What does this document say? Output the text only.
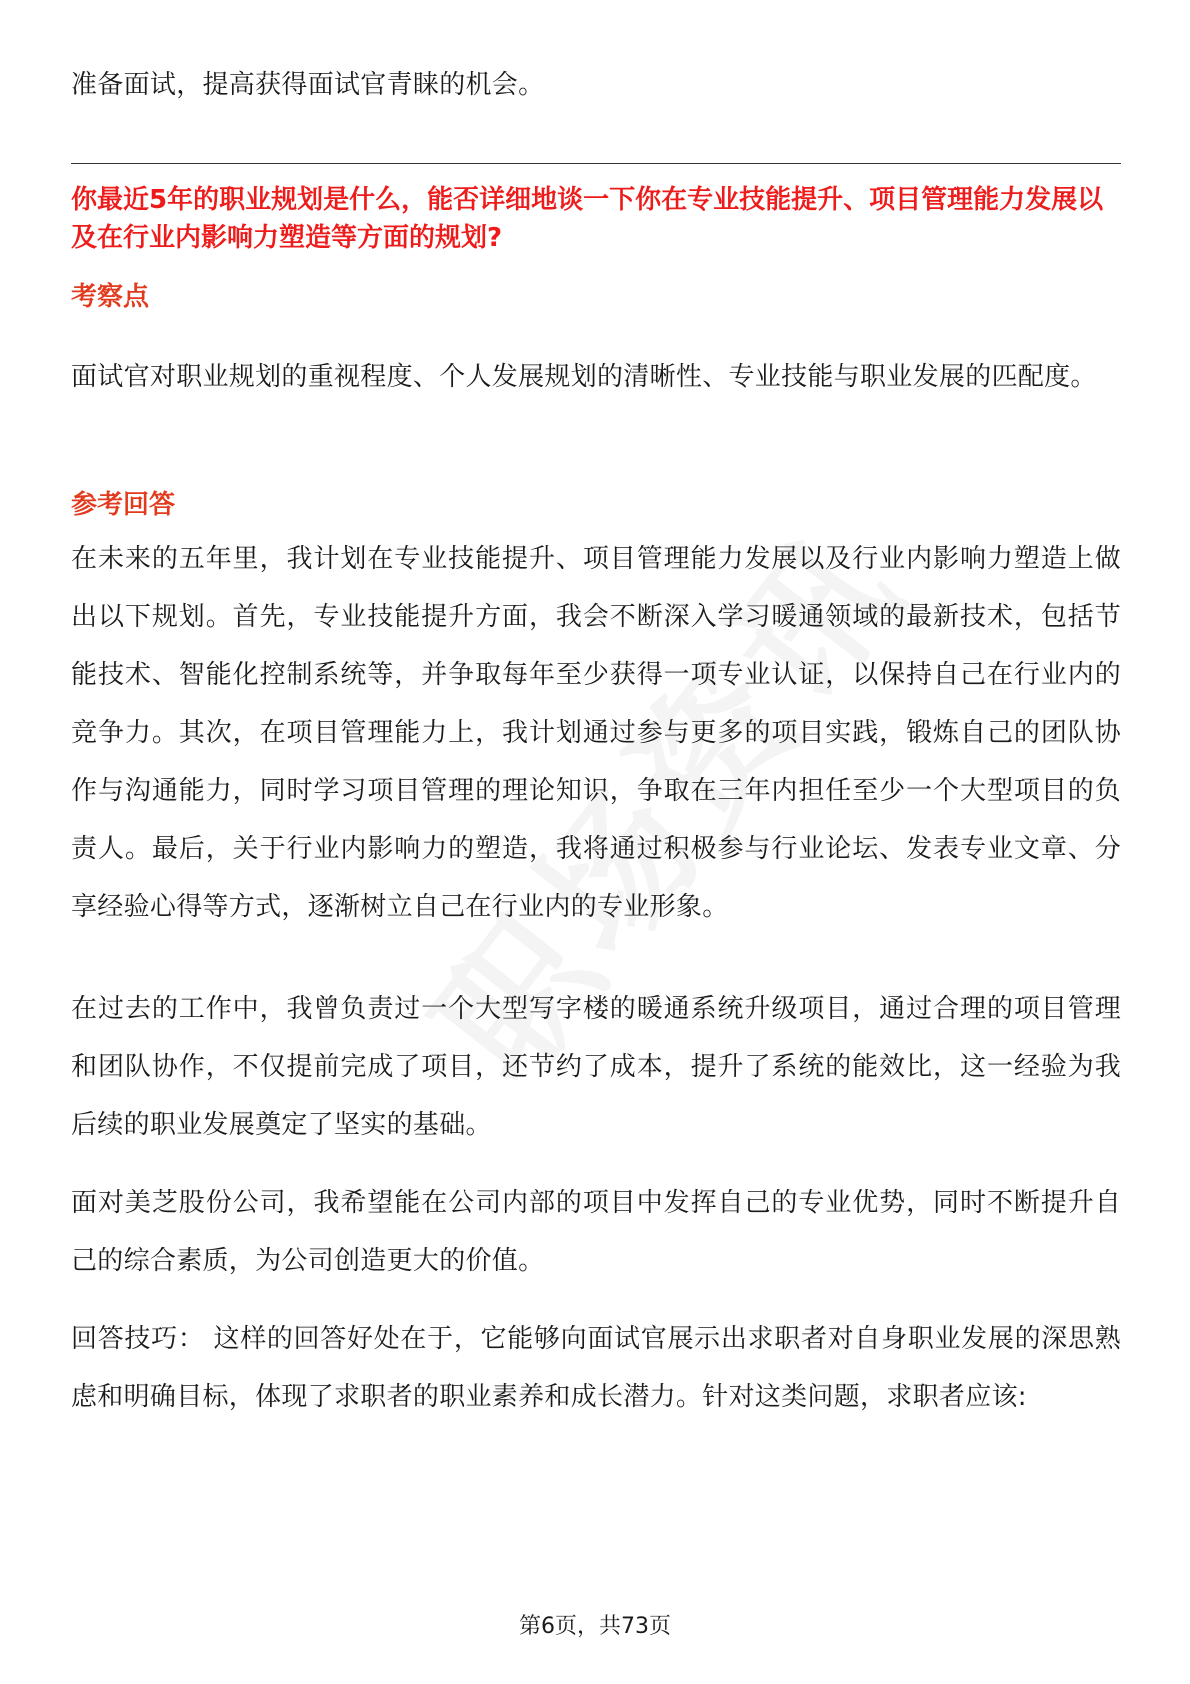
准备面试，提高获得面试官青睐的机会。

你最近5年的职业规划是什么，能否详细地谈一下你在专业技能提升、项目管理能力发展以及在行业内影响力塑造等方面的规划?

考察点

面试官对职业规划的重视程度、个人发展规划的清晰性、专业技能与职业发展的匹配度。

参考回答

在未来的五年里，我计划在专业技能提升、项目管理能力发展以及行业内影响力塑造上做出以下规划。首先，专业技能提升方面，我会不断深入学习暖通领域的最新技术，包括节能技术、智能化控制系统等，并争取每年至少获得一项专业认证，以保持自己在行业内的竞争力。其次，在项目管理能力上，我计划通过参与更多的项目实践，锻炼自己的团队协作与沟通能力，同时学习项目管理的理论知识，争取在三年内担任至少一个大型项目的负责人。最后，关于行业内影响力的塑造，我将通过积极参与行业论坛、发表专业文章、分享经验心得等方式，逐渐树立自己在行业内的专业形象。

在过去的工作中，我曾负责过一个大型写字楼的暖通系统升级项目，通过合理的项目管理和团队协作，不仅提前完成了项目，还节约了成本，提升了系统的能效比，这一经验为我后续的职业发展奠定了坚实的基础。

面对美芝股份公司，我希望能在公司内部的项目中发挥自己的专业优势，同时不断提升自己的综合素质，为公司创造更大的价值。

回答技巧： 这样的回答好处在于，它能够向面试官展示出求职者对自身职业发展的深思熟虑和明确目标，体现了求职者的职业素养和成长潜力。针对这类问题，求职者应该:

第6页，共73页
